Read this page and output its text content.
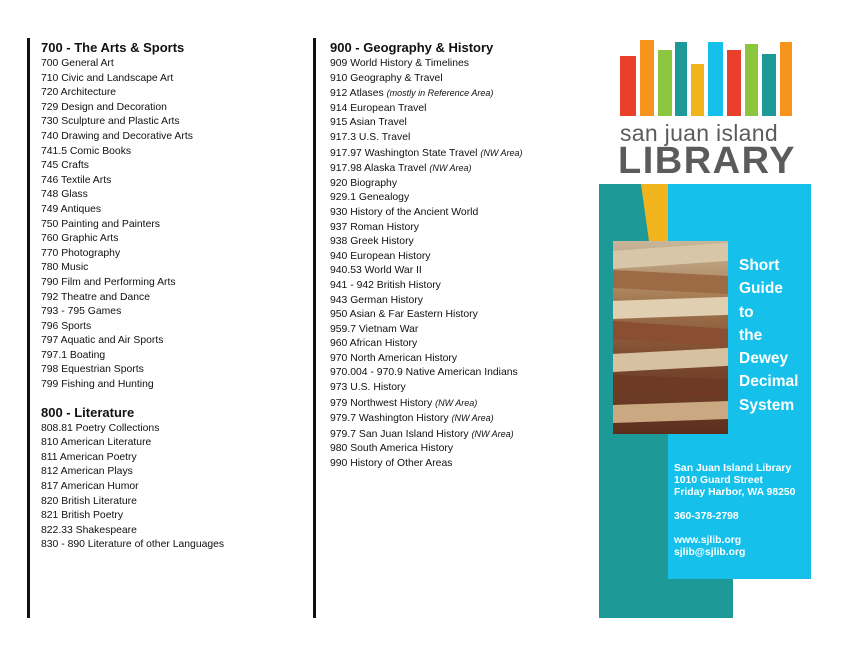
700 - The Arts & Sports
700 General Art
710 Civic and Landscape Art
720 Architecture
729 Design and Decoration
730 Sculpture and Plastic Arts
740 Drawing and Decorative Arts
741.5 Comic Books
745 Crafts
746 Textile Arts
748 Glass
749 Antiques
750 Painting and Painters
760 Graphic Arts
770 Photography
780 Music
790 Film and Performing Arts
792 Theatre and Dance
793 - 795 Games
796 Sports
797 Aquatic and Air Sports
797.1 Boating
798 Equestrian Sports
799 Fishing and Hunting
800 - Literature
808.81 Poetry Collections
810 American Literature
811 American Poetry
812 American Plays
817 American Humor
820 British Literature
821 British Poetry
822.33 Shakespeare
830 - 890 Literature of other Languages
900 - Geography & History
909 World History & Timelines
910 Geography & Travel
912 Atlases (mostly in Reference Area)
914 European Travel
915 Asian Travel
917.3 U.S. Travel
917.97 Washington State Travel (NW Area)
917.98 Alaska Travel (NW Area)
920 Biography
929.1 Genealogy
930 History of the Ancient World
937 Roman History
938 Greek History
940 European History
940.53 World War II
941 - 942 British History
943 German History
950 Asian & Far Eastern History
959.7 Vietnam War
960 African History
970 North American History
970.004 - 970.9 Native American Indians
973 U.S. History
979 Northwest History (NW Area)
979.7 Washington History (NW Area)
979.7 San Juan Island History (NW Area)
980 South America History
990 History of Other Areas
san juan island
LIBRARY
Short
Guide
to
the
Dewey
Decimal
System
San Juan Island Library
1010 Guard Street
Friday Harbor, WA 98250
360-378-2798
www.sjlib.org
sjlib@sjlib.org
